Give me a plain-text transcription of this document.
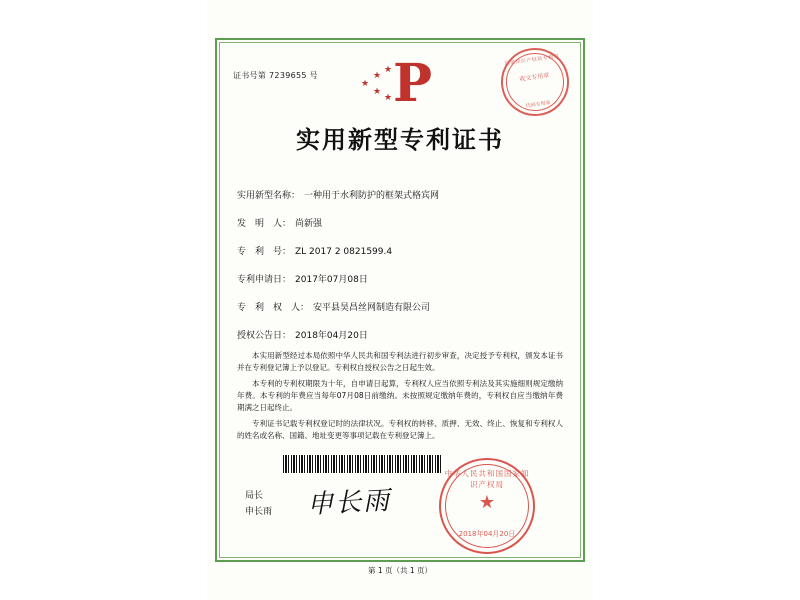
证书号第 7239655 号
国家知识产权局专利局
收文专用章
代码专用章
★
★
★
★
★ P
实用新型专利证书
实用新型名称： 一种用于水利防护的框架式格宾网
发　明　人： 尚新强
专　利　号： ZL 2017 2 0821599.4
专利申请日： 2017年07月08日
专　利　权　人： 安平县昊昌丝网制造有限公司
授权公告日： 2018年04月20日

本实用新型经过本局依照中华人民共和国专利法进行初步审查，决定授予专利权，颁发本证书并在专利登记簿上予以登记。专利权自授权公告之日起生效。

本专利的专利权期限为十年，自申请日起算，专利权人应当依照专利法及其实施细则规定缴纳年费。本专利的年费应当每年07月08日前缴纳。未按照规定缴纳年费的，专利权自应当缴纳年费期满之日起终止。

专利证书记载专利权登记时的法律状况。专利权的转移、质押、无效、终止、恢复和专利权人的姓名或名称、国籍、地址变更等事项记载在专利登记簿上。

局长
申长雨 申长雨
中华人民共和国国家知识产权局
★
2018年04月20日
第 1 页（共 1 页）
